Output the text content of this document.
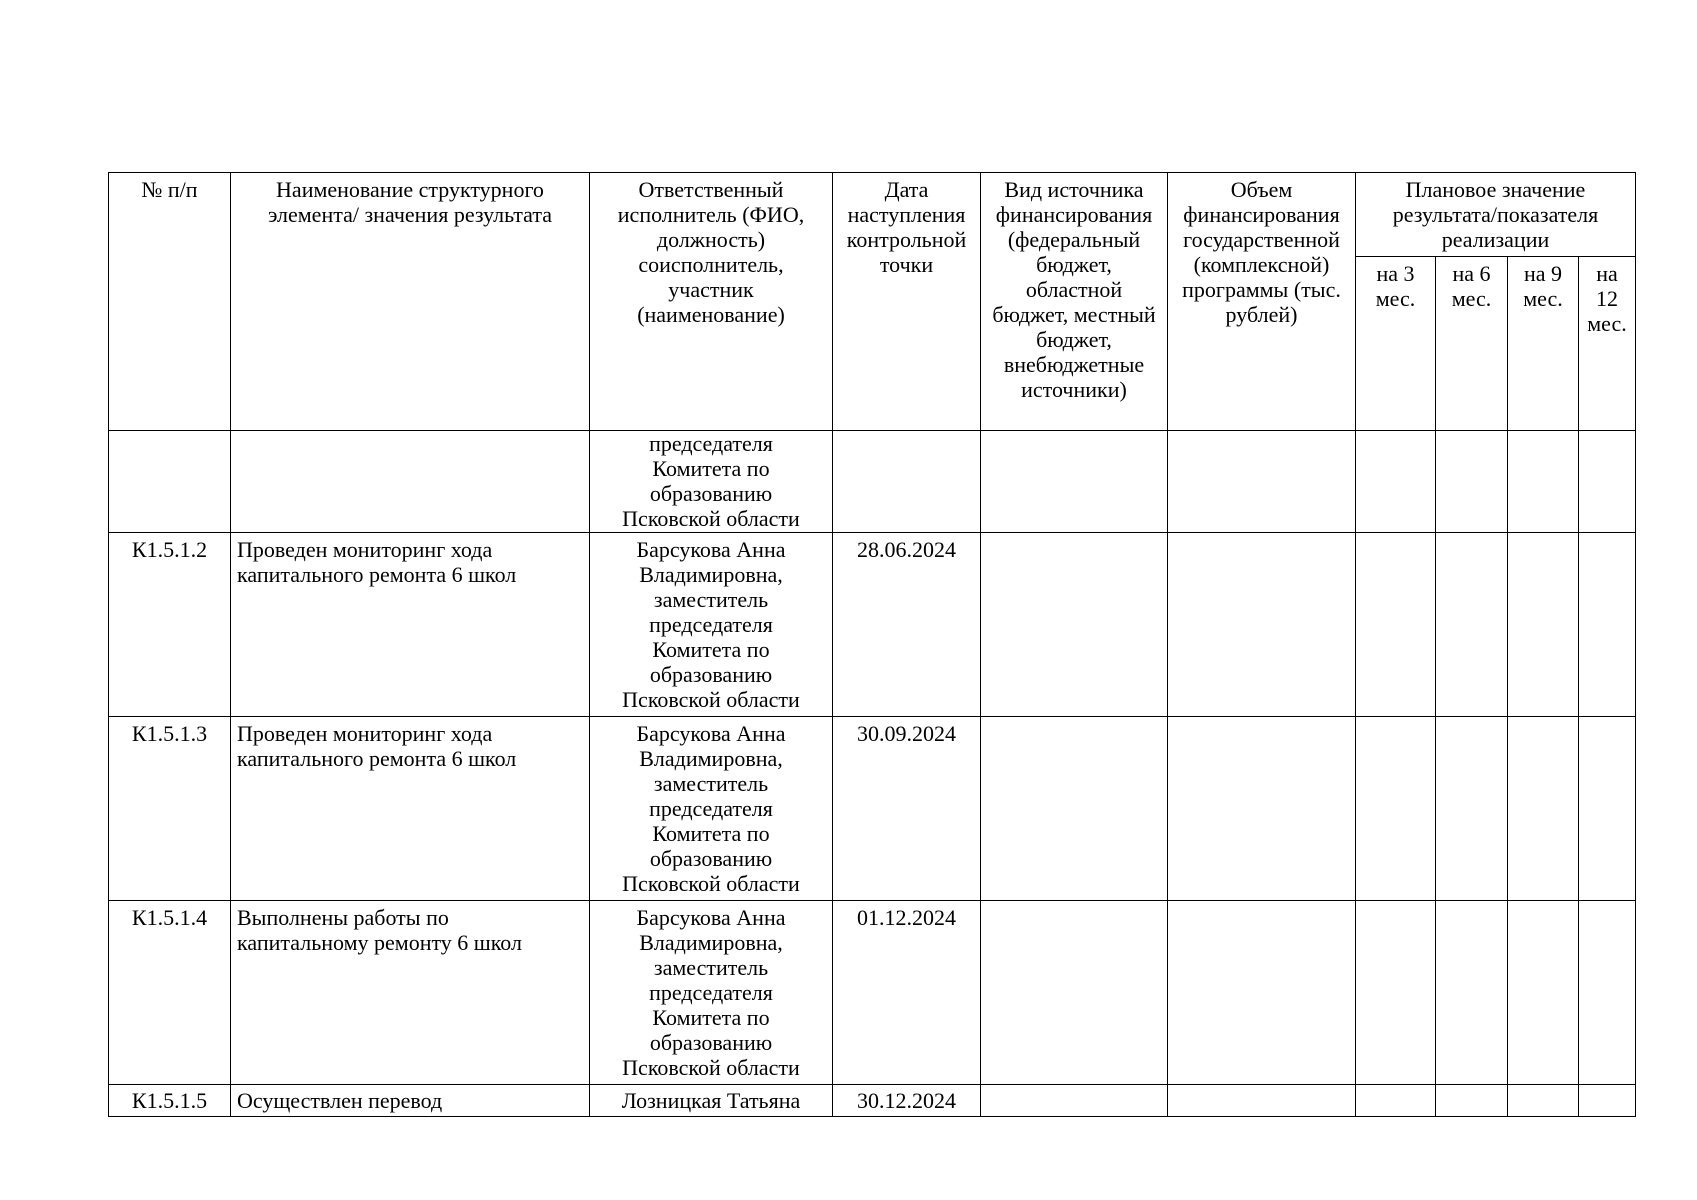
№ п/п	Наименование структурного элемента/ значения результата	Ответственный исполнитель (ФИО, должность) соисполнитель, участник (наименование)	Дата наступления контрольной точки	Вид источника финансирования (федеральный бюджет, областной бюджет, местный бюджет, внебюджетные источники)	Объем финансирования государственной (комплексной) программы (тыс. рублей)	Плановое значение результата/показателя реализации			
						на 3 мес.	на 6 мес.	на 9 мес.	на 12 мес.
		председателя Комитета по образованию Псковской области							
К1.5.1.2	Проведен мониторинг хода капитального ремонта 6 школ	Барсукова Анна Владимировна, заместитель председателя Комитета по образованию Псковской области	28.06.2024						
К1.5.1.3	Проведен мониторинг хода капитального ремонта 6 школ	Барсукова Анна Владимировна, заместитель председателя Комитета по образованию Псковской области	30.09.2024						
К1.5.1.4	Выполнены работы по капитальному ремонту 6 школ	Барсукова Анна Владимировна, заместитель председателя Комитета по образованию Псковской области	01.12.2024						
К1.5.1.5	Осуществлен перевод	Лозницкая Татьяна	30.12.2024						
